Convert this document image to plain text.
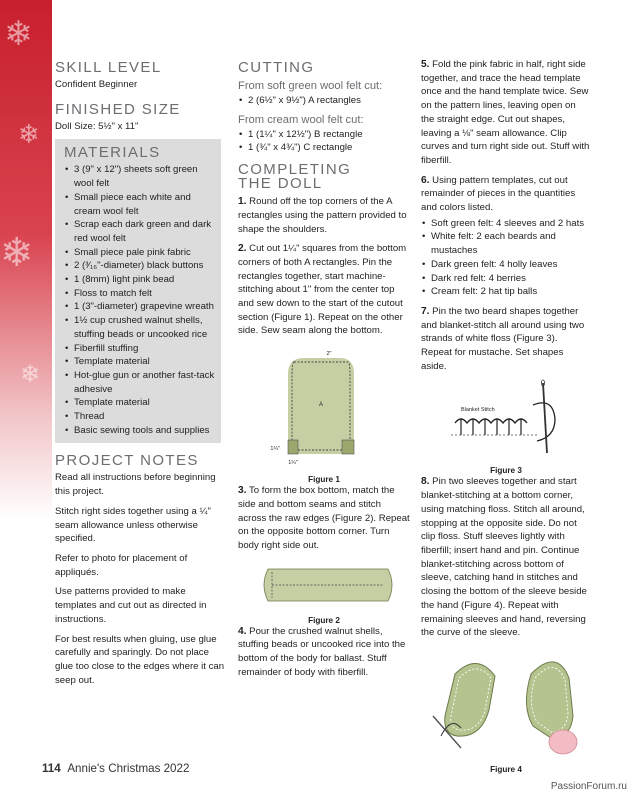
❄
❄
❄
❄
SKILL LEVEL

Confident Beginner

FINISHED SIZE

Doll Size: 5½" x 11"

MATERIALS
• 3 (9" x 12") sheets soft green wool felt
• Small piece each white and cream wool felt
• Scrap each dark green and dark red wool felt
• Small piece pale pink fabric
• 2 (³⁄₁₆"-diameter) black buttons
• 1 (8mm) light pink bead
• Floss to match felt
• 1 (3"-diameter) grapevine wreath
• 1½ cup crushed walnut shells, stuffing beads or uncooked rice
• Fiberfill stuffing
• Template material
• Hot-glue gun or another fast-tack adhesive
• Template material
• Thread
• Basic sewing tools and supplies
PROJECT NOTES

Read all instructions before beginning this project.

Stitch right sides together using a ¼" seam allowance unless otherwise specified.

Refer to photo for placement of appliqués.

Use patterns provided to make templates and cut out as directed in instructions.

For best results when gluing, use glue carefully and sparingly. Do not place glue too close to the edges where it can seep out.

CUTTING
From soft green wool felt cut:
• 2 (6½" x 9½") A rectangles
From cream wool felt cut:
• 1 (1¼" x 12½") B rectangle
• 1 (¾" x 4¾") C rectangle
COMPLETING
THE DOLL

1. Round off the top corners of the A rectangles using the pattern provided to shape the shoulders.

2. Cut out 1¼" squares from the bottom corners of both A rectangles. Pin the rectangles together, start machine-stitching about 1" from the center top and sew down to the start of the cutout section (Figure 1). Repeat on the other side. Sew seam along the bottom.

A
2"
1¼"
1¼"
Figure 1

3. To form the box bottom, match the side and bottom seams and stitch across the raw edges (Figure 2). Repeat on the opposite bottom corner. Turn body right side out.

Figure 2

4. Pour the crushed walnut shells, stuffing beads or uncooked rice into the bottom of the body for ballast. Stuff remainder of body with fiberfill.

5. Fold the pink fabric in half, right side together, and trace the head template once and the hand template twice. Sew on the pattern lines, leaving open on the straight edge. Cut out shapes, leaving a ⅛" seam allowance. Clip curves and turn right side out. Stuff with fiberfill.

6. Using pattern templates, cut out remainder of pieces in the quantities and colors listed.

• Soft green felt: 4 sleeves and 2 hats
• White felt: 2 each beards and mustaches
• Dark green felt: 4 holly leaves
• Dark red felt: 4 berries
• Cream felt: 2 hat tip balls

7. Pin the two beard shapes together and blanket-stitch all around using two strands of white floss (Figure 3). Repeat for mustache. Set shapes aside.

Blanket Stitch
Figure 3

8. Pin two sleeves together and start blanket-stitching at a bottom corner, using matching floss. Stitch all around, stopping at the opposite side. Do not clip floss. Stuff sleeves lightly with fiberfill; insert hand and pin. Continue blanket-stitching across bottom of sleeve, catching hand in stitches and closing the bottom of the sleeve beside the hand (Figure 4). Repeat with remaining sleeves and hand, reversing the curve of the sleeve.

Figure 4
114 Annie's Christmas 2022
PassionForum.ru
